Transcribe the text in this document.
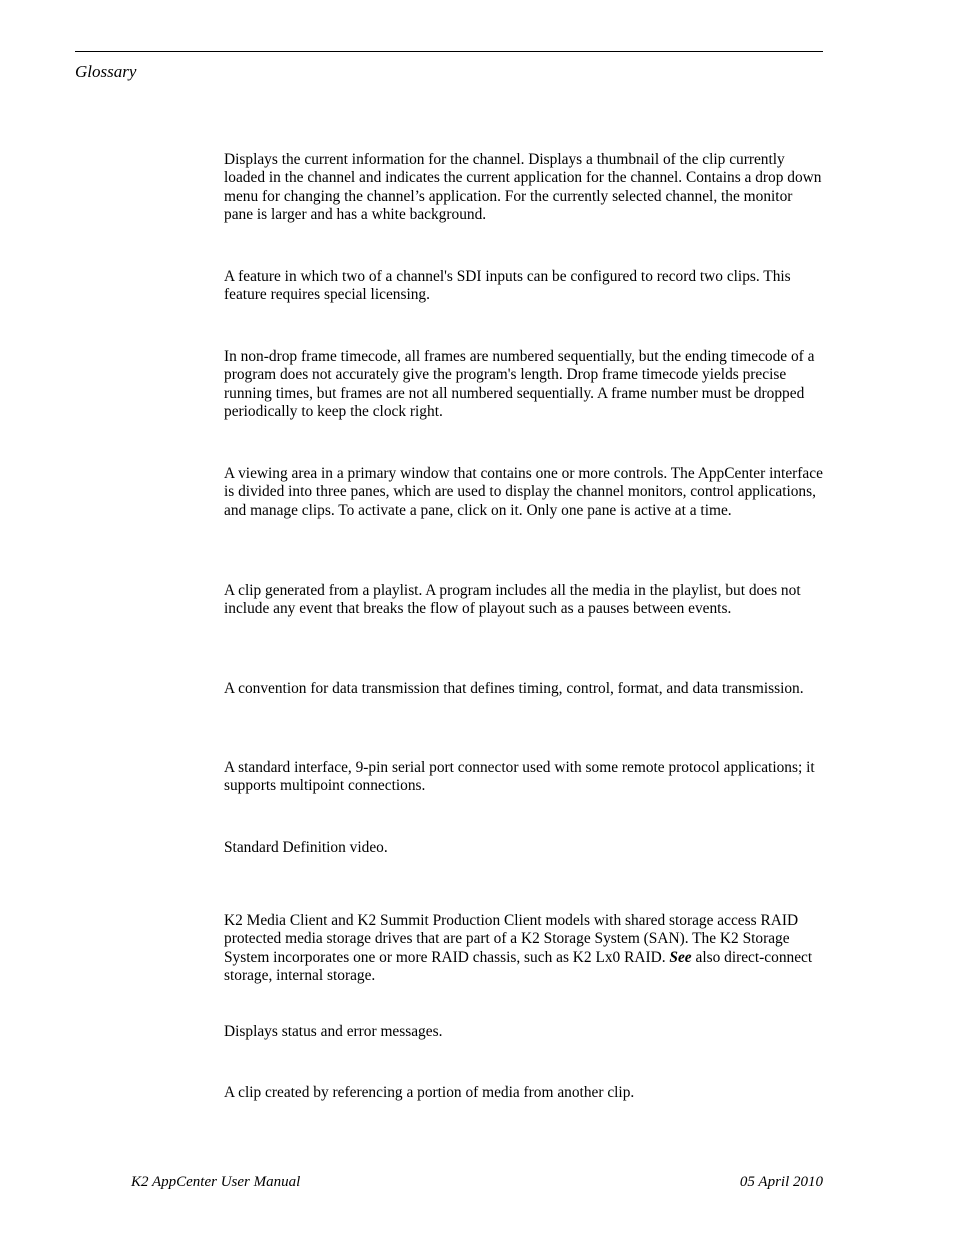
Glossary

Displays the current information for the channel. Displays a thumbnail of the clip currently loaded in the channel and indicates the current application for the channel. Contains a drop down menu for changing the channel’s application. For the currently selected channel, the monitor pane is larger and has a white background.

A feature in which two of a channel's SDI inputs can be configured to record two clips. This feature requires special licensing.

In non-drop frame timecode, all frames are numbered sequentially, but the ending timecode of a program does not accurately give the program's length. Drop frame timecode yields precise running times, but frames are not all numbered sequentially. A frame number must be dropped periodically to keep the clock right.

A viewing area in a primary window that contains one or more controls. The AppCenter interface is divided into three panes, which are used to display the channel monitors, control applications, and manage clips. To activate a pane, click on it. Only one pane is active at a time.

A clip generated from a playlist. A program includes all the media in the playlist, but does not include any event that breaks the flow of playout such as a pauses between events.

A convention for data transmission that defines timing, control, format, and data transmission.

A standard interface, 9-pin serial port connector used with some remote protocol applications; it supports multipoint connections.

Standard Definition video.

K2 Media Client and K2 Summit Production Client models with shared storage access RAID protected media storage drives that are part of a K2 Storage System (SAN). The K2 Storage System incorporates one or more RAID chassis, such as K2 Lx0 RAID. See also direct-connect storage, internal storage.

Displays status and error messages.

A clip created by referencing a portion of media from another clip.

K2 AppCenter User Manual	05 April 2010
